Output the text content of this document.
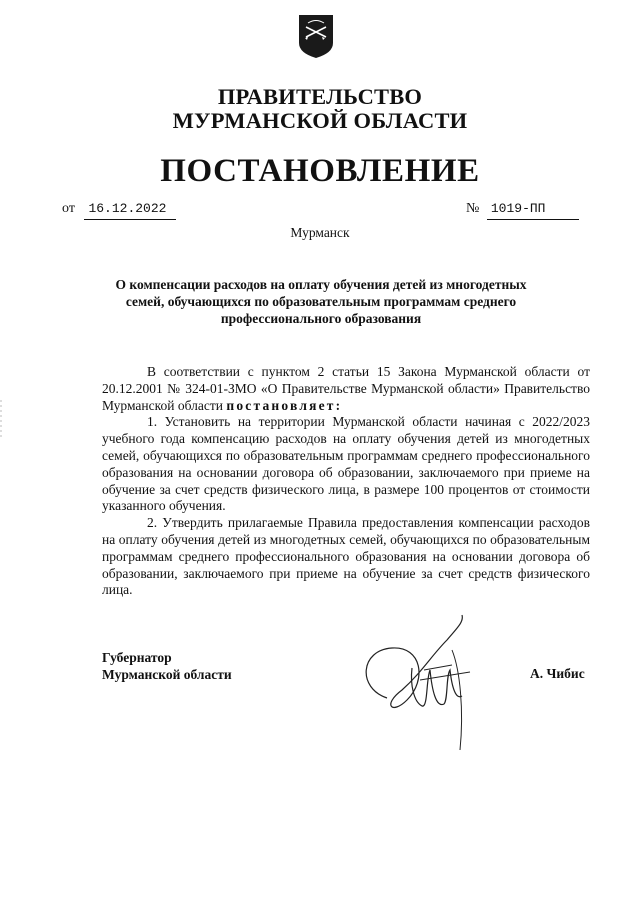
ПРАВИТЕЛЬСТВО
МУРМАНСКОЙ ОБЛАСТИ
ПОСТАНОВЛЕНИЕ
от 16.12.2022	№ 1019-ПП
Мурманск
О компенсации расходов на оплату обучения детей из многодетных
семей, обучающихся по образовательным программам среднего
профессионального образования

В соответствии с пунктом 2 статьи 15 Закона Мурманской области от 20.12.2001 № 324-01-ЗМО «О Правительстве Мурманской области» Правительство Мурманской области постановляет:

1. Установить на территории Мурманской области начиная с 2022/2023 учебного года компенсацию расходов на оплату обучения детей из многодетных семей, обучающихся по образовательным программам среднего профессионального образования на основании договора об образовании, заключаемого при приеме на обучение за счет средств физического лица, в размере 100 процентов от стоимости указанного обучения.

2. Утвердить прилагаемые Правила предоставления компенсации расходов на оплату обучения детей из многодетных семей, обучающихся по образовательным программам среднего профессионального образования на основании договора об образовании, заключаемого при приеме на обучение за счет средств физического лица.

Губернатор
Мурманской области	А. Чибис
